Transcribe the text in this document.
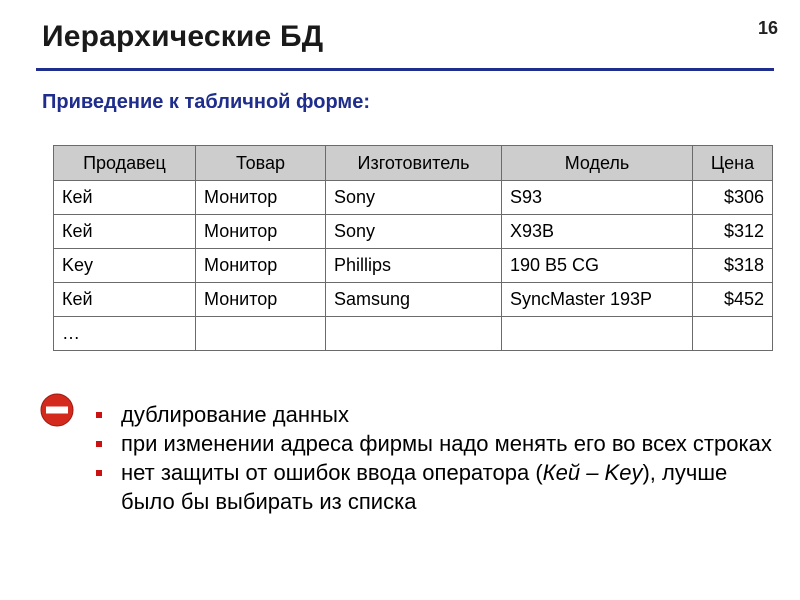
Иерархические БД	16
Приведение к табличной форме:
Продавец	Товар	Изготовитель	Модель	Цена
Кей	Монитор	Sony	S93	$306
Кей	Монитор	Sony	X93B	$312
Key	Монитор	Phillips	190 B5 CG	$318
Кей	Монитор	Samsung	SyncMaster 193P	$452
…				
дублирование данных
при изменении адреса фирмы надо менять его во всех строках
нет защиты от ошибок ввода оператора (Кей – Key), лучше было бы выбирать из списка
